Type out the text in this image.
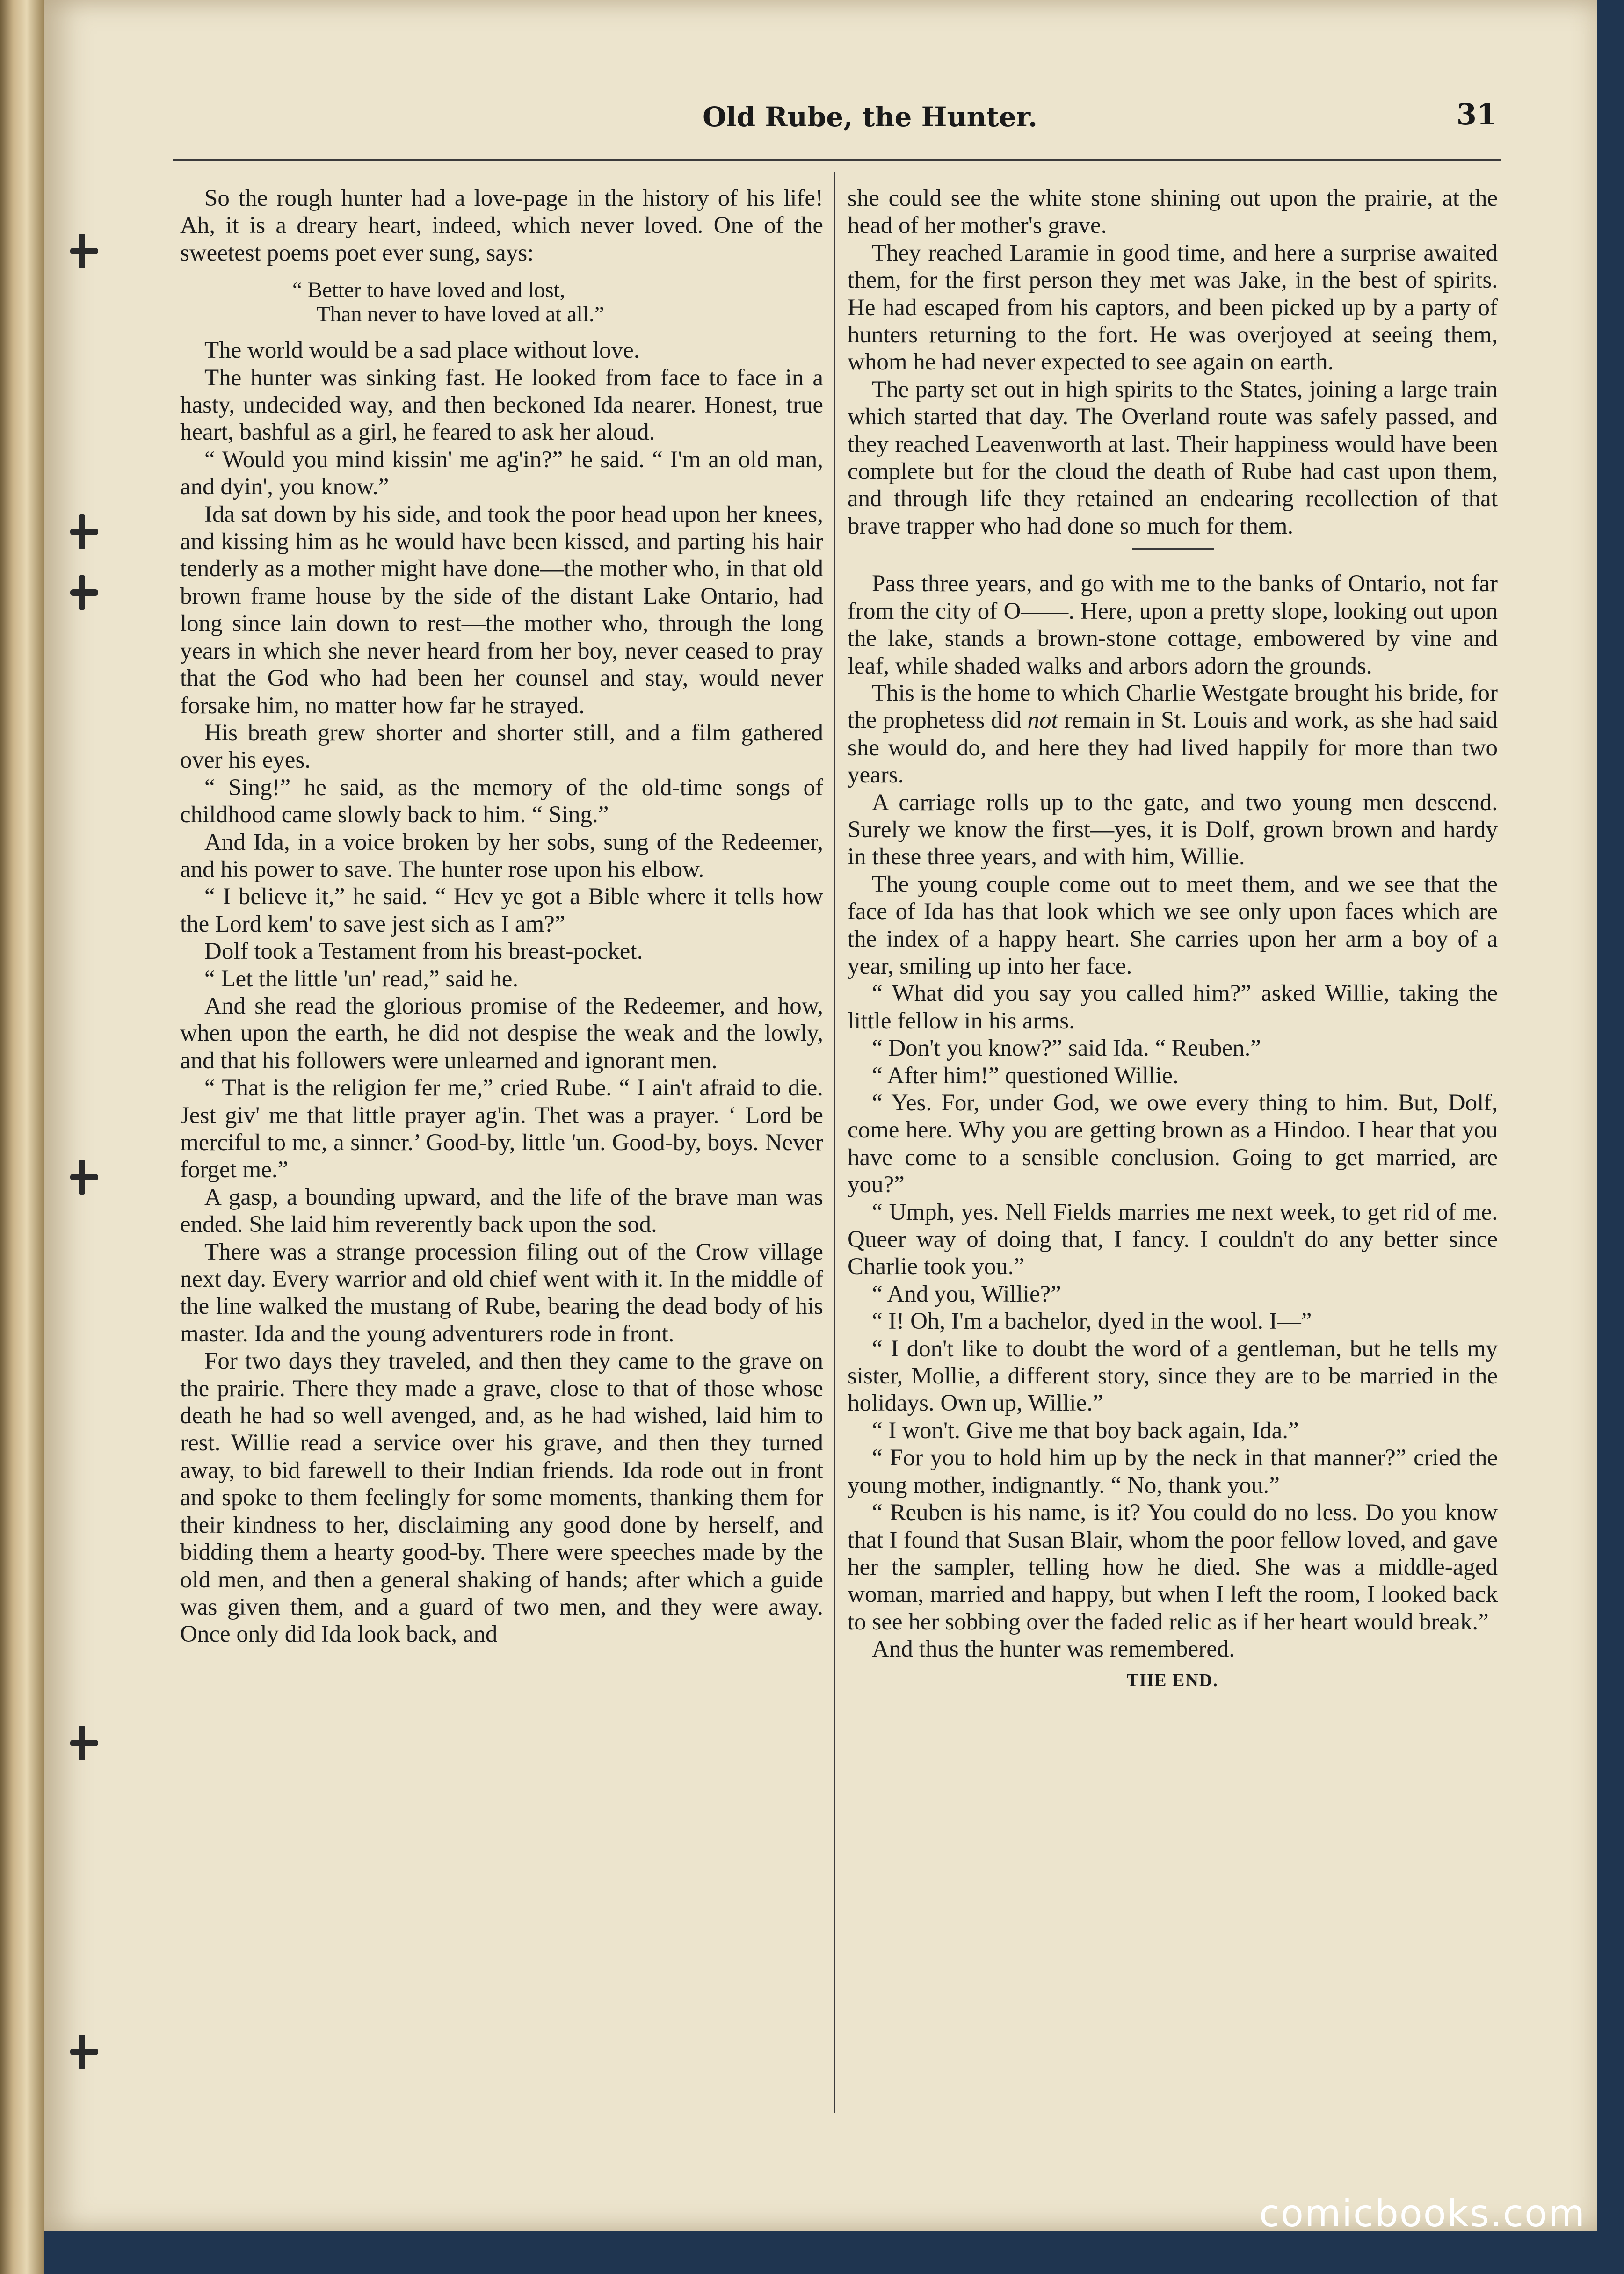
Old Rube, the Hunter.	31

So the rough hunter had a love-page in the history of his life! Ah, it is a dreary heart, indeed, which never loved. One of the sweetest poems poet ever sung, says:

“ Better to have loved and lost,
Than never to have loved at all.”

The world would be a sad place without love.

The hunter was sinking fast. He looked from face to face in a hasty, undecided way, and then beckoned Ida nearer. Honest, true heart, bashful as a girl, he feared to ask her aloud.

“ Would you mind kissin' me ag'in?” he said. “ I'm an old man, and dyin', you know.”

Ida sat down by his side, and took the poor head upon her knees, and kissing him as he would have been kissed, and parting his hair tenderly as a mother might have done—the mother who, in that old brown frame house by the side of the distant Lake Ontario, had long since lain down to rest—the mother who, through the long years in which she never heard from her boy, never ceased to pray that the God who had been her counsel and stay, would never forsake him, no matter how far he strayed.

His breath grew shorter and shorter still, and a film gathered over his eyes.

“ Sing!” he said, as the memory of the old-time songs of childhood came slowly back to him. “ Sing.”

And Ida, in a voice broken by her sobs, sung of the Redeemer, and his power to save. The hunter rose upon his elbow.

“ I believe it,” he said. “ Hev ye got a Bible where it tells how the Lord kem' to save jest sich as I am?”

Dolf took a Testament from his breast-pocket.

“ Let the little 'un' read,” said he.

And she read the glorious promise of the Redeemer, and how, when upon the earth, he did not despise the weak and the lowly, and that his followers were unlearned and ignorant men.

“ That is the religion fer me,” cried Rube. “ I ain't afraid to die. Jest giv' me that little prayer ag'in. Thet was a prayer. ‘ Lord be merciful to me, a sinner.’ Good-by, little 'un. Good-by, boys. Never forget me.”

A gasp, a bounding upward, and the life of the brave man was ended. She laid him reverently back upon the sod.

There was a strange procession filing out of the Crow village next day. Every warrior and old chief went with it. In the middle of the line walked the mustang of Rube, bearing the dead body of his master. Ida and the young adventurers rode in front.

For two days they traveled, and then they came to the grave on the prairie. There they made a grave, close to that of those whose death he had so well avenged, and, as he had wished, laid him to rest. Willie read a service over his grave, and then they turned away, to bid farewell to their Indian friends. Ida rode out in front and spoke to them feelingly for some moments, thanking them for their kindness to her, disclaiming any good done by herself, and bidding them a hearty good-by. There were speeches made by the old men, and then a general shaking of hands; after which a guide was given them, and a guard of two men, and they were away. Once only did Ida look back, and

she could see the white stone shining out upon the prairie, at the head of her mother's grave.

They reached Laramie in good time, and here a surprise awaited them, for the first person they met was Jake, in the best of spirits. He had escaped from his captors, and been picked up by a party of hunters returning to the fort. He was overjoyed at seeing them, whom he had never expected to see again on earth.

The party set out in high spirits to the States, joining a large train which started that day. The Overland route was safely passed, and they reached Leavenworth at last. Their happiness would have been complete but for the cloud the death of Rube had cast upon them, and through life they retained an endearing recollection of that brave trapper who had done so much for them.

Pass three years, and go with me to the banks of Ontario, not far from the city of O——. Here, upon a pretty slope, looking out upon the lake, stands a brown-stone cottage, embowered by vine and leaf, while shaded walks and arbors adorn the grounds.

This is the home to which Charlie Westgate brought his bride, for the prophetess did not remain in St. Louis and work, as she had said she would do, and here they had lived happily for more than two years.

A carriage rolls up to the gate, and two young men descend. Surely we know the first—yes, it is Dolf, grown brown and hardy in these three years, and with him, Willie.

The young couple come out to meet them, and we see that the face of Ida has that look which we see only upon faces which are the index of a happy heart. She carries upon her arm a boy of a year, smiling up into her face.

“ What did you say you called him?” asked Willie, taking the little fellow in his arms.

“ Don't you know?” said Ida. “ Reuben.”

“ After him!” questioned Willie.

“ Yes. For, under God, we owe every thing to him. But, Dolf, come here. Why you are getting brown as a Hindoo. I hear that you have come to a sensible conclusion. Going to get married, are you?”

“ Umph, yes. Nell Fields marries me next week, to get rid of me. Queer way of doing that, I fancy. I couldn't do any better since Charlie took you.”

“ And you, Willie?”

“ I! Oh, I'm a bachelor, dyed in the wool. I—”

“ I don't like to doubt the word of a gentleman, but he tells my sister, Mollie, a different story, since they are to be married in the holidays. Own up, Willie.”

“ I won't. Give me that boy back again, Ida.”

“ For you to hold him up by the neck in that manner?” cried the young mother, indignantly. “ No, thank you.”

“ Reuben is his name, is it? You could do no less. Do you know that I found that Susan Blair, whom the poor fellow loved, and gave her the sampler, telling how he died. She was a middle-aged woman, married and happy, but when I left the room, I looked back to see her sobbing over the faded relic as if her heart would break.”

And thus the hunter was remembered.

THE END.
comicbooks.com
